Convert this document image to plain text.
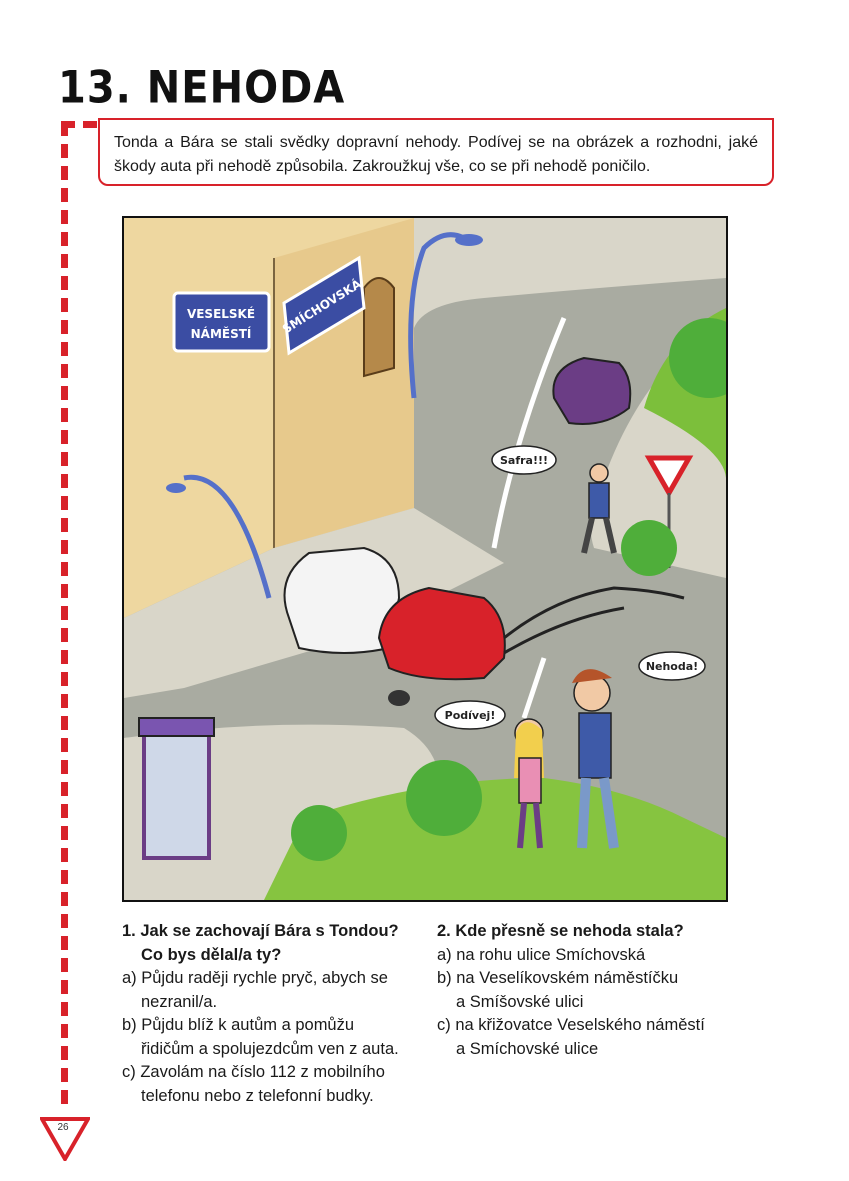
13. NEHODA
Tonda a Bára se stali svědky dopravní nehody. Podívej se na obrázek a rozhodni, jaké škody auta při nehodě způsobila. Zakroužkuj vše, co se při nehodě poničilo.
VESELSKÉ
NÁMĚSTÍ SMÍCHOVSKÁ
Safra!!!
Nehoda!
Podívej!
1. Jak se zachovají Bára s Tondou?
Co bys dělal/a ty?
a) Půjdu raději rychle pryč, abych se
nezranil/a.
b) Půjdu blíž k autům a pomůžu
řidičům a spolujezdcům ven z auta.
c) Zavolám na číslo 112 z mobilního
telefonu nebo z telefonní budky.
2. Kde přesně se nehoda stala?
a) na rohu ulice Smíchovská
b) na Veselíkovském náměstíčku
a Smíšovské ulici
c) na křižovatce Veselského náměstí
a Smíchovské ulice
26
